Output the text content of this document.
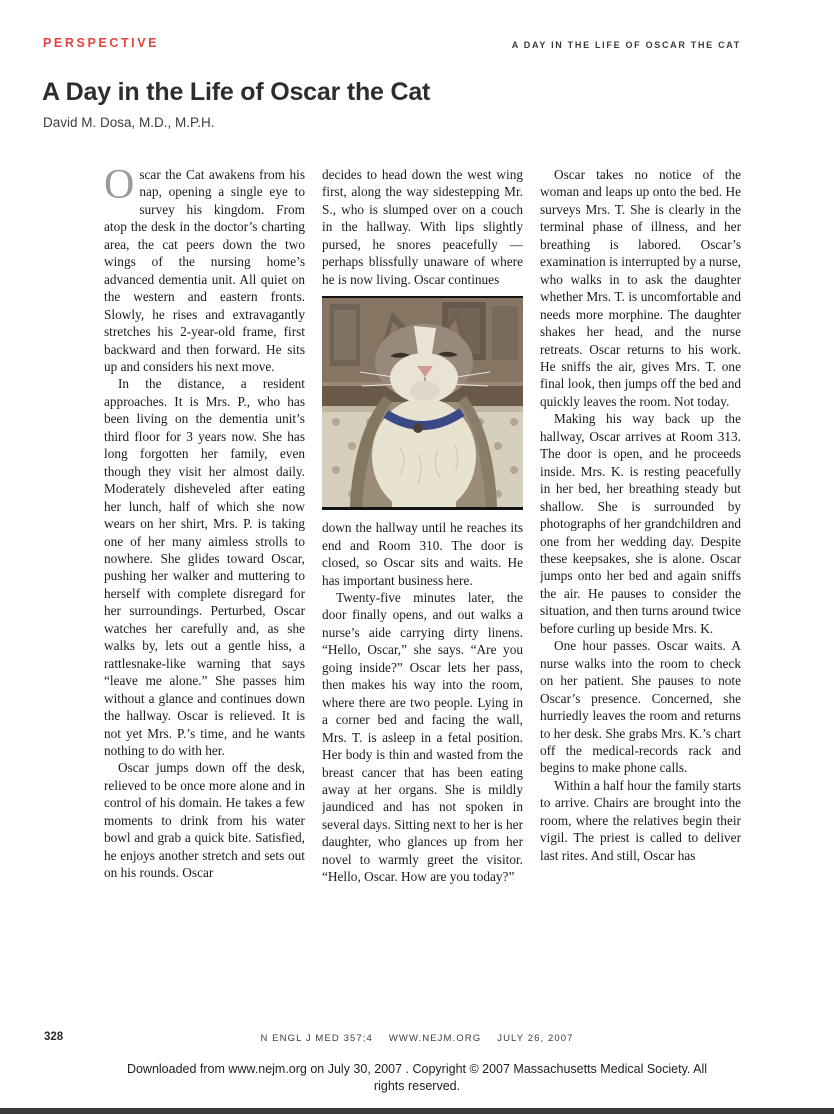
PERSPECTIVE	A DAY IN THE LIFE OF OSCAR THE CAT
A Day in the Life of Oscar the Cat
David M. Dosa, M.D., M.P.H.

Oscar the Cat awakens from his nap, opening a single eye to survey his kingdom. From atop the desk in the doctor’s charting area, the cat peers down the two wings of the nursing home’s advanced dementia unit. All quiet on the western and eastern fronts. Slowly, he rises and extravagantly stretches his 2-year-old frame, first backward and then forward. He sits up and considers his next move.

In the distance, a resident approaches. It is Mrs. P., who has been living on the dementia unit’s third floor for 3 years now. She has long forgotten her family, even though they visit her almost daily. Moderately disheveled after eating her lunch, half of which she now wears on her shirt, Mrs. P. is taking one of her many aimless strolls to nowhere. She glides toward Oscar, pushing her walker and muttering to herself with complete disregard for her surroundings. Perturbed, Oscar watches her carefully and, as she walks by, lets out a gentle hiss, a rattlesnake-like warning that says “leave me alone.” She passes him without a glance and continues down the hallway. Oscar is relieved. It is not yet Mrs. P.’s time, and he wants nothing to do with her.

Oscar jumps down off the desk, relieved to be once more alone and in control of his domain. He takes a few moments to drink from his water bowl and grab a quick bite. Satisfied, he enjoys another stretch and sets out on his rounds. Oscar

decides to head down the west wing first, along the way sidestepping Mr. S., who is slumped over on a couch in the hallway. With lips slightly pursed, he snores peacefully — perhaps blissfully unaware of where he is now living. Oscar continues

down the hallway until he reaches its end and Room 310. The door is closed, so Oscar sits and waits. He has important business here.

Twenty-five minutes later, the door finally opens, and out walks a nurse’s aide carrying dirty linens. “Hello, Oscar,” she says. “Are you going inside?” Oscar lets her pass, then makes his way into the room, where there are two people. Lying in a corner bed and facing the wall, Mrs. T. is asleep in a fetal position. Her body is thin and wasted from the breast cancer that has been eating away at her organs. She is mildly jaundiced and has not spoken in several days. Sitting next to her is her daughter, who glances up from her novel to warmly greet the visitor. “Hello, Oscar. How are you today?”

Oscar takes no notice of the woman and leaps up onto the bed. He surveys Mrs. T. She is clearly in the terminal phase of illness, and her breathing is labored. Oscar’s examination is interrupted by a nurse, who walks in to ask the daughter whether Mrs. T. is uncomfortable and needs more morphine. The daughter shakes her head, and the nurse retreats. Oscar returns to his work. He sniffs the air, gives Mrs. T. one final look, then jumps off the bed and quickly leaves the room. Not today.

Making his way back up the hallway, Oscar arrives at Room 313. The door is open, and he proceeds inside. Mrs. K. is resting peacefully in her bed, her breathing steady but shallow. She is surrounded by photographs of her grandchildren and one from her wedding day. Despite these keepsakes, she is alone. Oscar jumps onto her bed and again sniffs the air. He pauses to consider the situation, and then turns around twice before curling up beside Mrs. K.

One hour passes. Oscar waits. A nurse walks into the room to check on her patient. She pauses to note Oscar’s presence. Concerned, she hurriedly leaves the room and returns to her desk. She grabs Mrs. K.’s chart off the medical-records rack and begins to make phone calls.

Within a half hour the family starts to arrive. Chairs are brought into the room, where the relatives begin their vigil. The priest is called to deliver last rites. And still, Oscar has

328	N ENGL J MED 357;4 WWW.NEJM.ORG JULY 26, 2007
Downloaded from www.nejm.org on July 30, 2007 . Copyright © 2007 Massachusetts Medical Society. All rights reserved.
